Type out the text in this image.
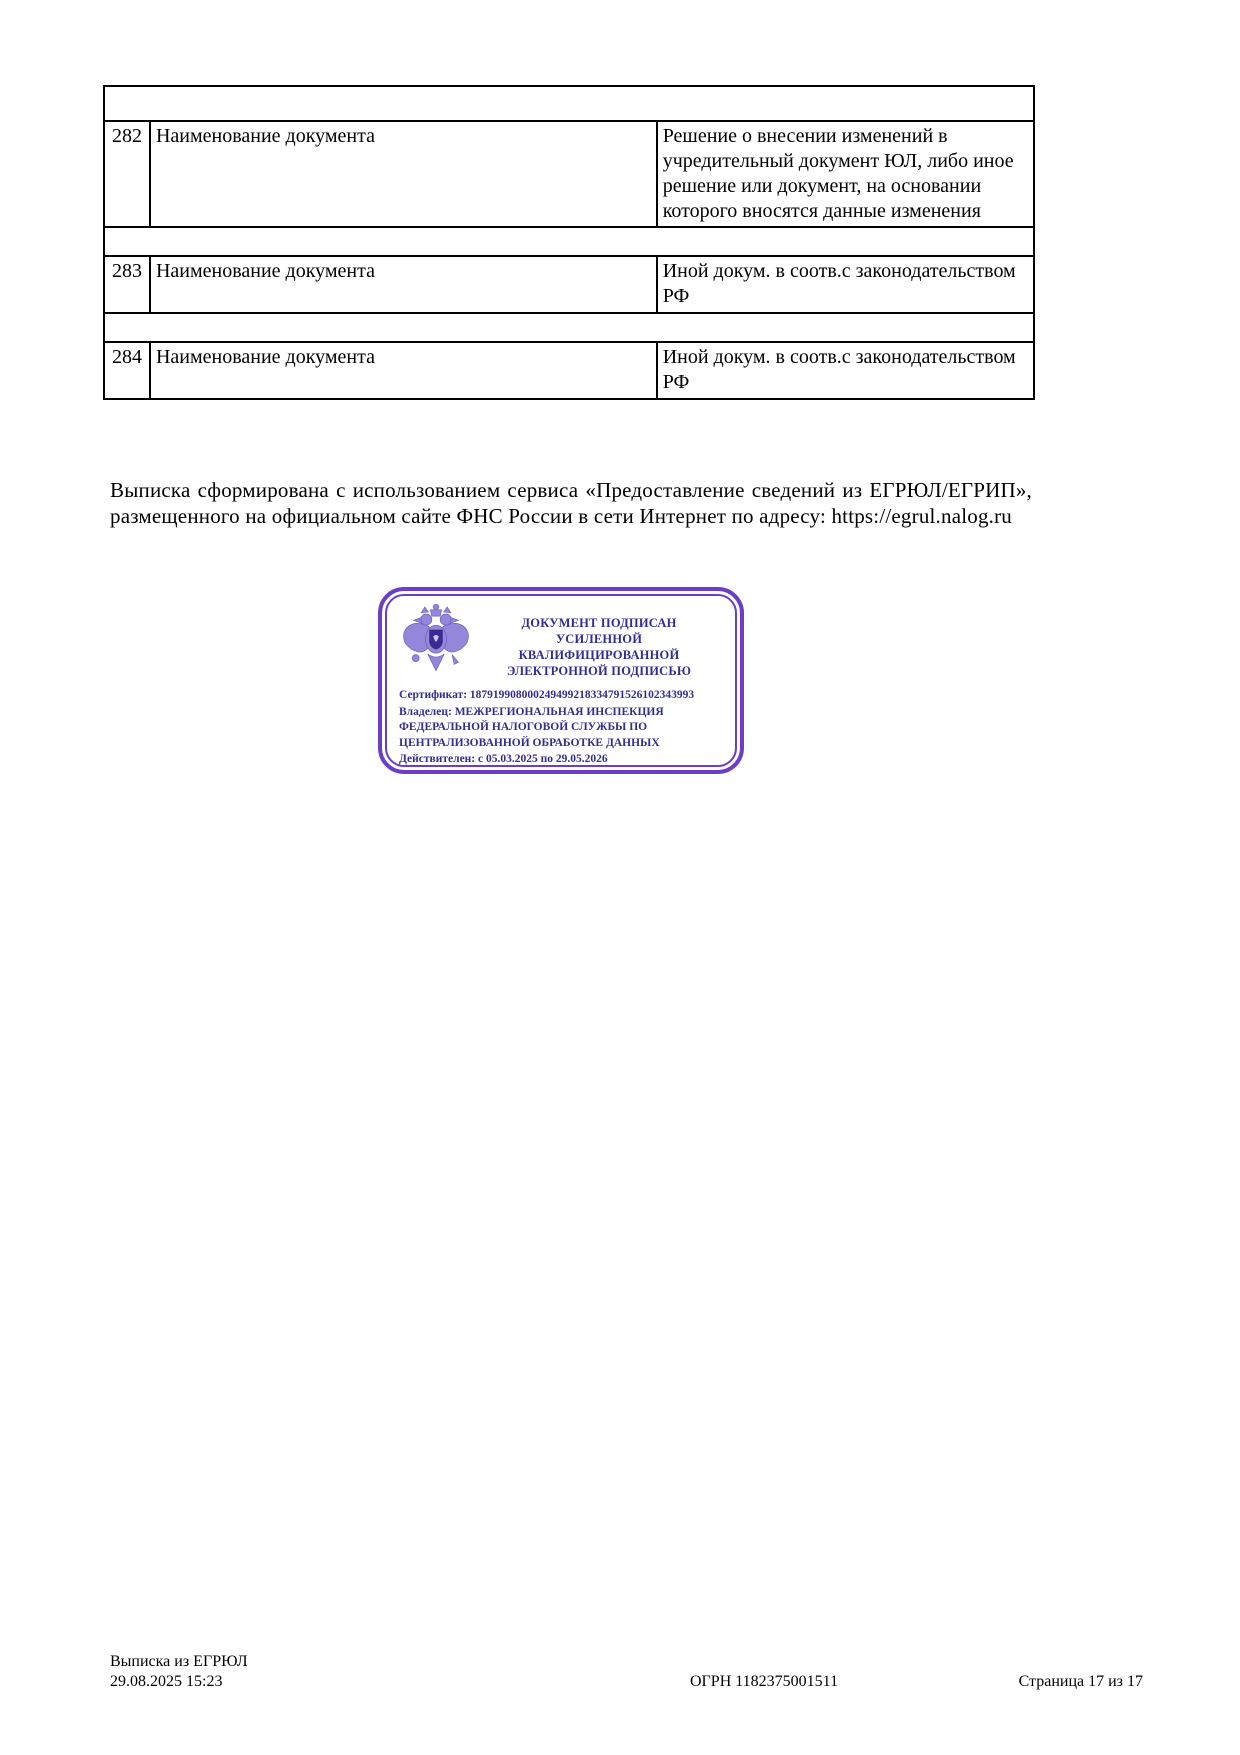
282	Наименование документа	Решение о внесении изменений в учредительный документ ЮЛ, либо иное решение или документ, на основании которого вносятся данные изменения

283	Наименование документа	Иной докум. в соотв.с законодательством РФ

284	Наименование документа	Иной докум. в соотв.с законодательством РФ

Выписка сформирована с использованием сервиса «Предоставление сведений из ЕГРЮЛ/ЕГРИП», размещенного на официальном сайте ФНС России в сети Интернет по адресу: https://egrul.nalog.ru

ДОКУМЕНТ ПОДПИСАН
УСИЛЕННОЙ КВАЛИФИЦИРОВАННОЙ
ЭЛЕКТРОННОЙ ПОДПИСЬЮ
Сертификат: 187919908000249499218334791526102343993
Владелец: МЕЖРЕГИОНАЛЬНАЯ ИНСПЕКЦИЯ ФЕДЕРАЛЬНОЙ НАЛОГОВОЙ СЛУЖБЫ ПО ЦЕНТРАЛИЗОВАННОЙ ОБРАБОТКЕ ДАННЫХ
Действителен: с 05.03.2025 по 29.05.2026
Выписка из ЕГРЮЛ
29.08.2025 15:23	ОГРН 1182375001511	Страница 17 из 17
